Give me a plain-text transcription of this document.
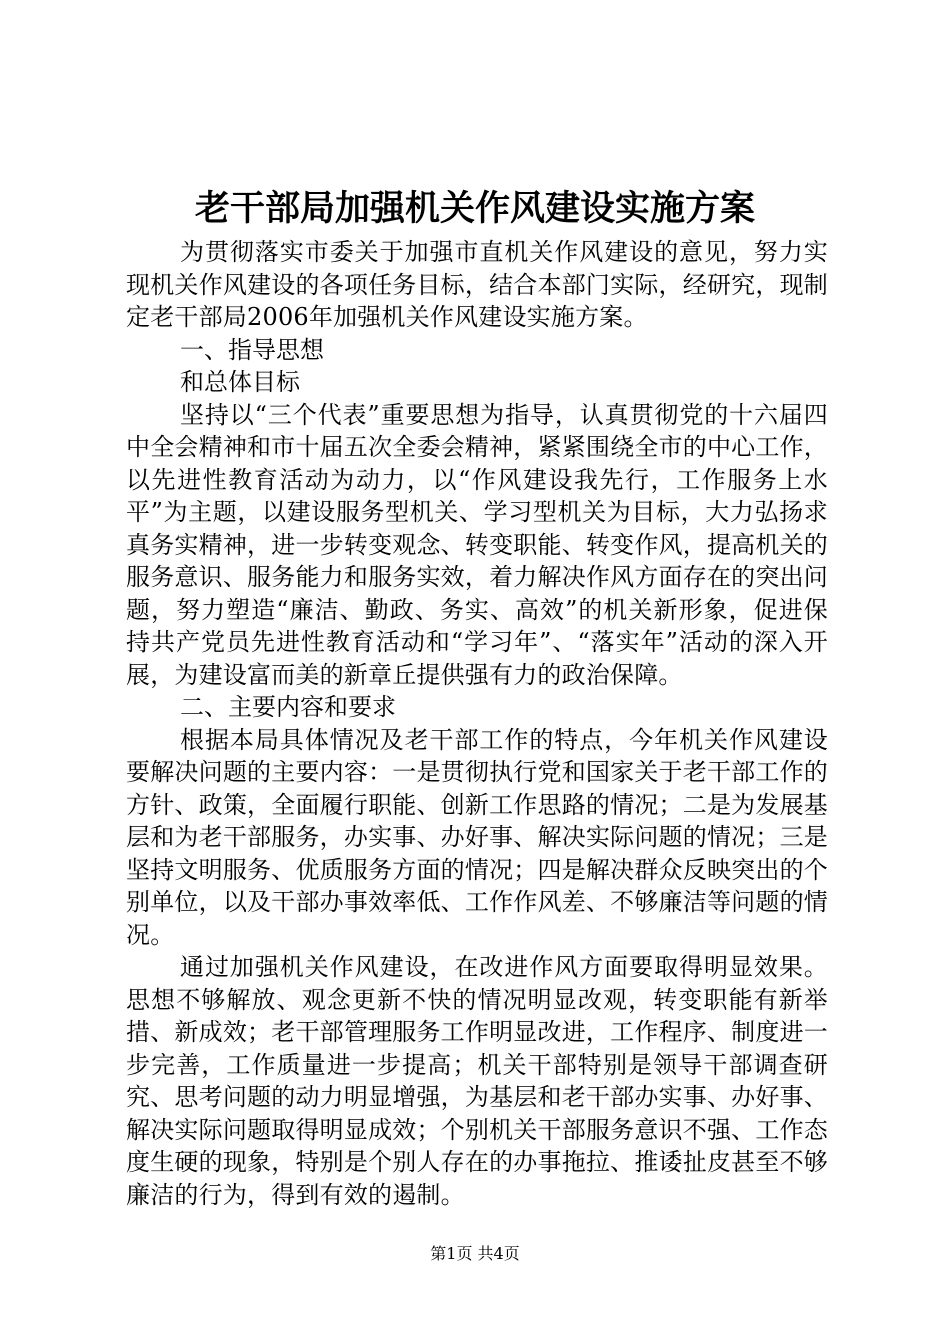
老干部局加强机关作风建设实施方案

为贯彻落实市委关于加强市直机关作风建设的意见，努力实现机关作风建设的各项任务目标，结合本部门实际，经研究，现制定老干部局2006年加强机关作风建设实施方案。

一、指导思想

和总体目标

坚持以“三个代表”重要思想为指导，认真贯彻党的十六届四中全会精神和市十届五次全委会精神，紧紧围绕全市的中心工作，以先进性教育活动为动力，以“作风建设我先行，工作服务上水平”为主题，以建设服务型机关、学习型机关为目标，大力弘扬求真务实精神，进一步转变观念、转变职能、转变作风，提高机关的服务意识、服务能力和服务实效，着力解决作风方面存在的突出问题，努力塑造“廉洁、勤政、务实、高效”的机关新形象，促进保持共产党员先进性教育活动和“学习年”、“落实年”活动的深入开展，为建设富而美的新章丘提供强有力的政治保障。

二、主要内容和要求

根据本局具体情况及老干部工作的特点，今年机关作风建设要解决问题的主要内容：一是贯彻执行党和国家关于老干部工作的方针、政策，全面履行职能、创新工作思路的情况；二是为发展基层和为老干部服务，办实事、办好事、解决实际问题的情况；三是坚持文明服务、优质服务方面的情况；四是解决群众反映突出的个别单位，以及干部办事效率低、工作作风差、不够廉洁等问题的情况。

通过加强机关作风建设，在改进作风方面要取得明显效果。思想不够解放、观念更新不快的情况明显改观，转变职能有新举措、新成效；老干部管理服务工作明显改进，工作程序、制度进一步完善，工作质量进一步提高；机关干部特别是领导干部调查研究、思考问题的动力明显增强，为基层和老干部办实事、办好事、解决实际问题取得明显成效；个别机关干部服务意识不强、工作态度生硬的现象，特别是个别人存在的办事拖拉、推诿扯皮甚至不够廉洁的行为，得到有效的遏制。

第1页 共4页
